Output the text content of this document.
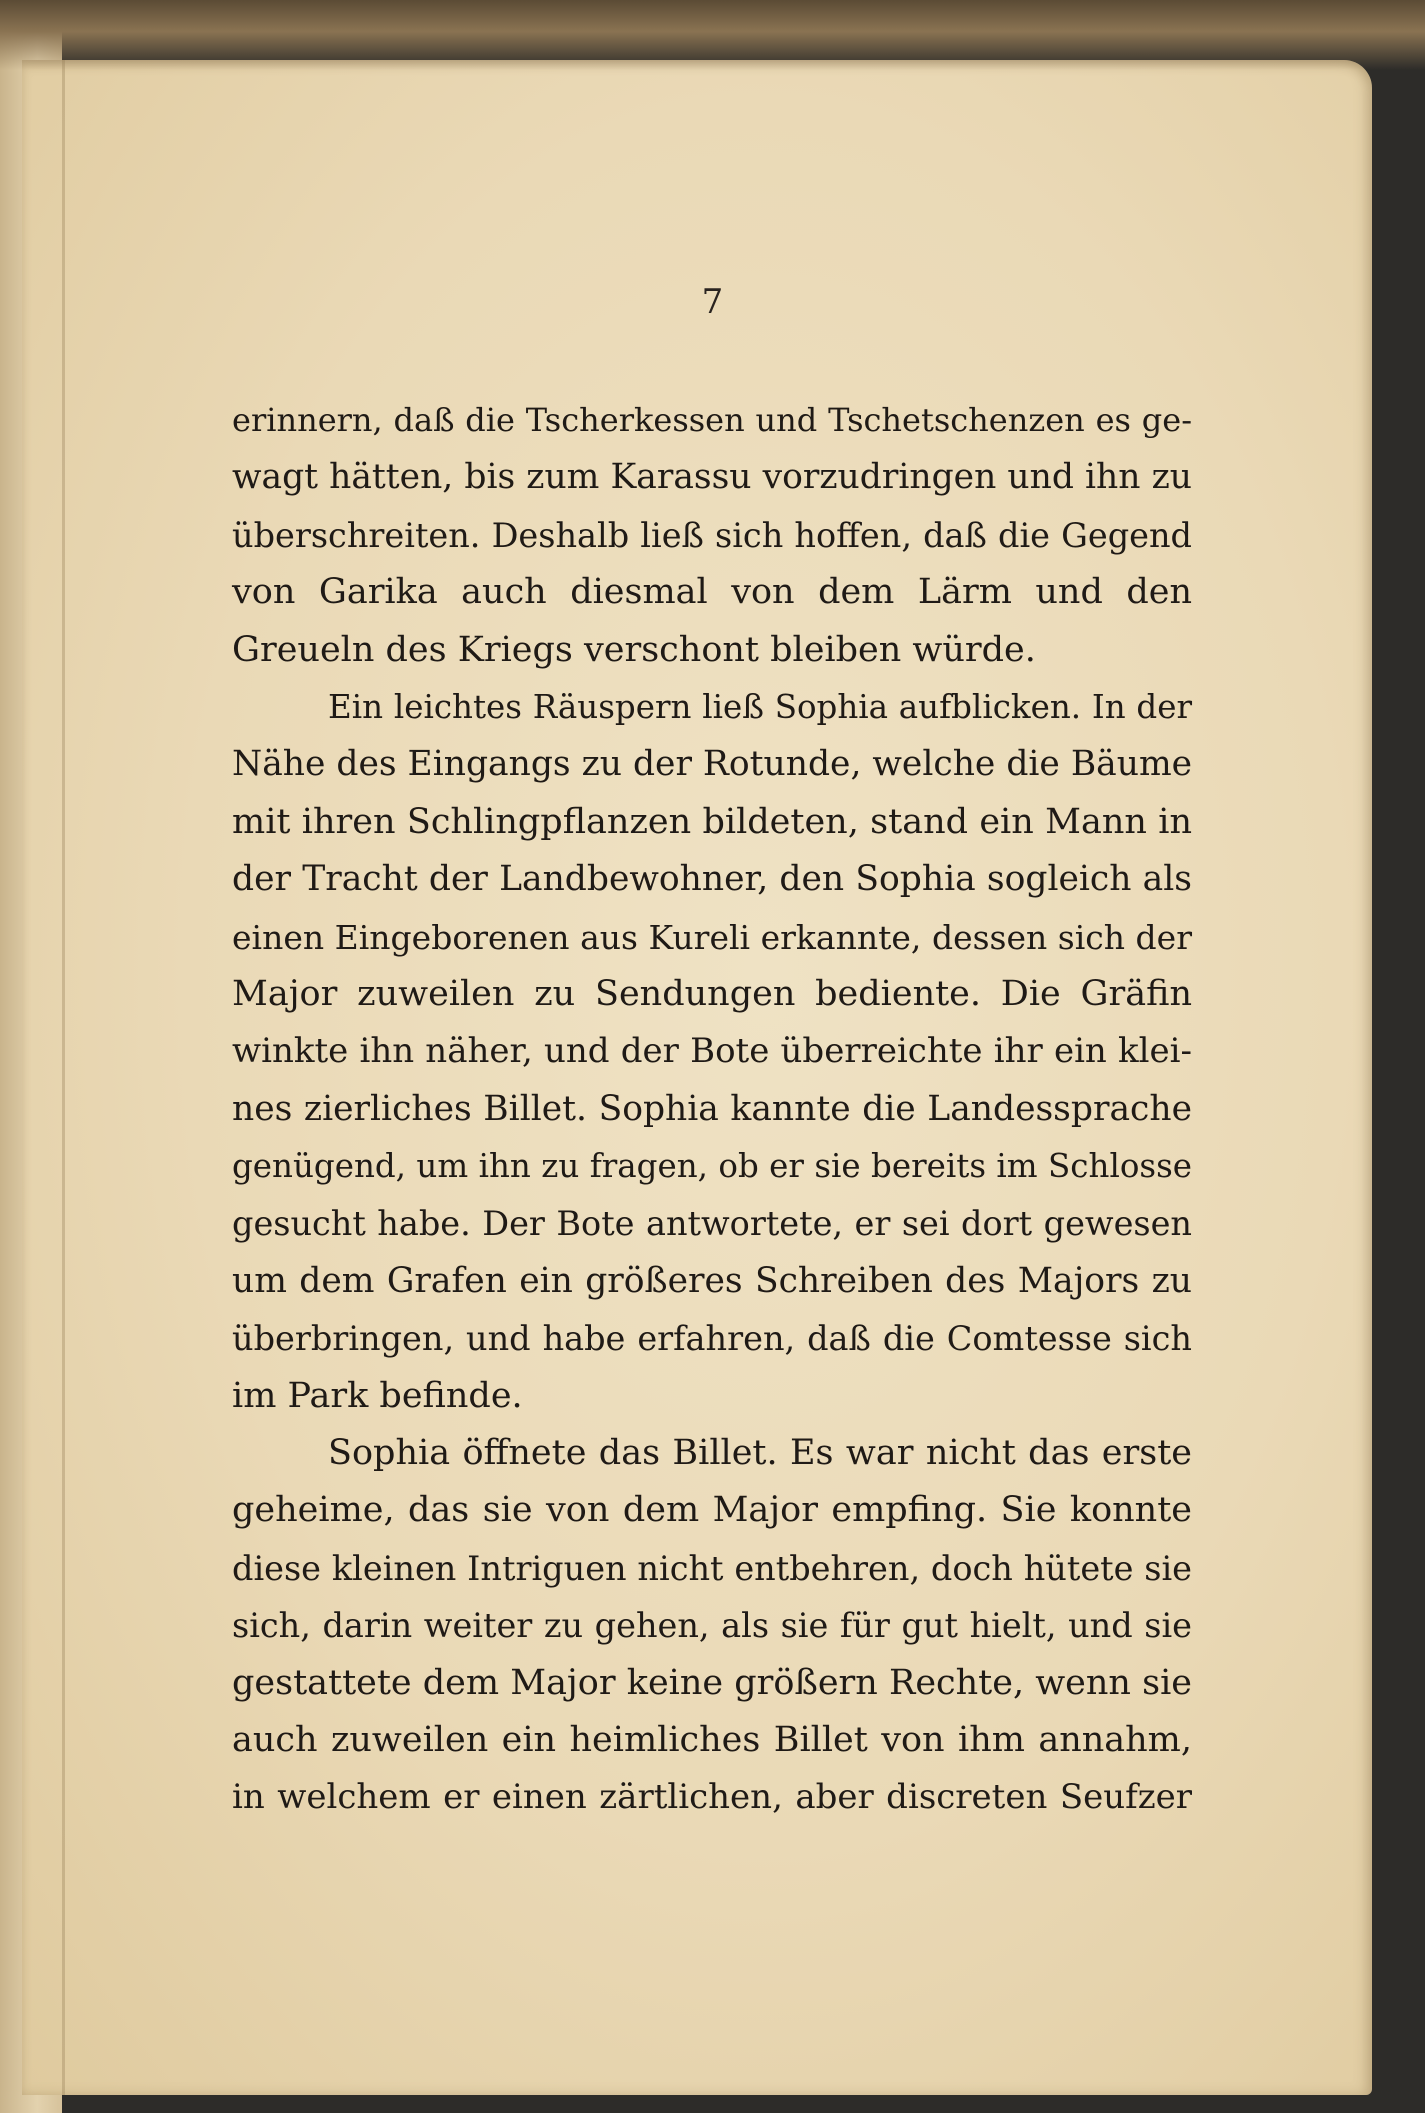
7
erinnern, daß die Tscherkessen und Tschetschenzen es ge-
wagt hätten, bis zum Karassu vorzudringen und ihn zu
überschreiten. Deshalb ließ sich hoffen, daß die Gegend
von Garika auch diesmal von dem Lärm und den
Greueln des Kriegs verschont bleiben würde.
Ein leichtes Räuspern ließ Sophia aufblicken. In der
Nähe des Eingangs zu der Rotunde, welche die Bäume
mit ihren Schlingpflanzen bildeten, stand ein Mann in
der Tracht der Landbewohner, den Sophia sogleich als
einen Eingeborenen aus Kureli erkannte, dessen sich der
Major zuweilen zu Sendungen bediente. Die Gräfin
winkte ihn näher, und der Bote überreichte ihr ein klei-
nes zierliches Billet. Sophia kannte die Landessprache
genügend, um ihn zu fragen, ob er sie bereits im Schlosse
gesucht habe. Der Bote antwortete, er sei dort gewesen
um dem Grafen ein größeres Schreiben des Majors zu
überbringen, und habe erfahren, daß die Comtesse sich
im Park befinde.
Sophia öffnete das Billet. Es war nicht das erste
geheime, das sie von dem Major empfing. Sie konnte
diese kleinen Intriguen nicht entbehren, doch hütete sie
sich, darin weiter zu gehen, als sie für gut hielt, und sie
gestattete dem Major keine größern Rechte, wenn sie
auch zuweilen ein heimliches Billet von ihm annahm,
in welchem er einen zärtlichen, aber discreten Seufzer
